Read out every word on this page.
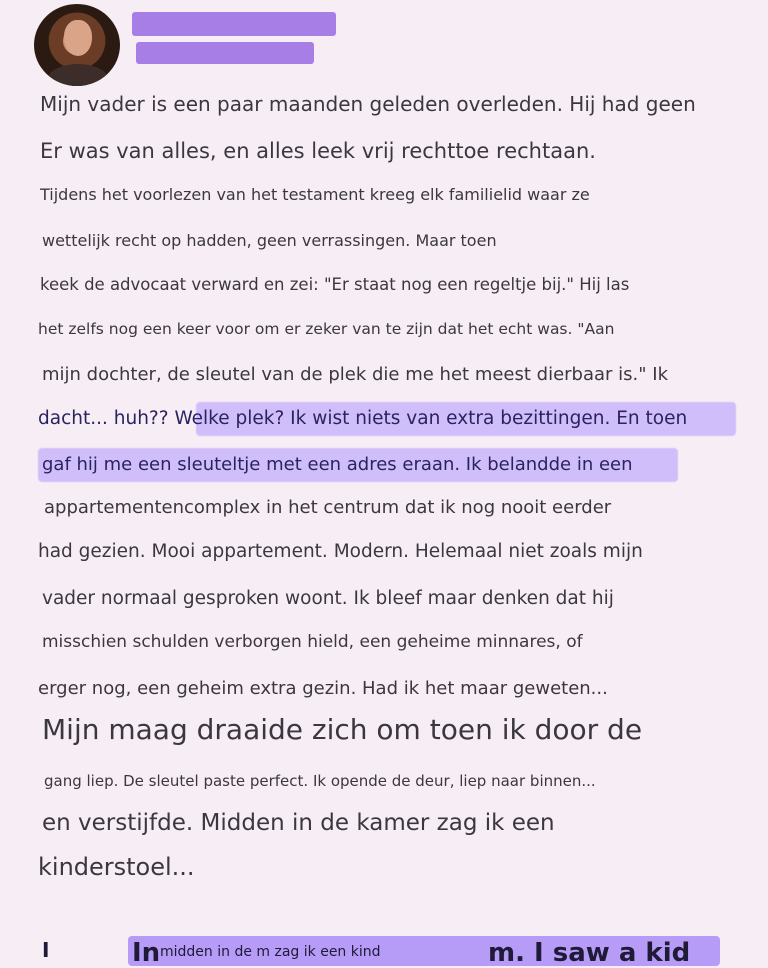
Mijn vader is een paar maanden geleden overleden. Hij had geen
Er was van alles, en alles leek vrij rechttoe rechtaan.
Tijdens het voorlezen van het testament kreeg elk familielid waar ze
wettelijk recht op hadden, geen verrassingen. Maar toen
keek de advocaat verward en zei: "Er staat nog een regeltje bij." Hij las
het zelfs nog een keer voor om er zeker van te zijn dat het echt was. "Aan
mijn dochter, de sleutel van de plek die me het meest dierbaar is." Ik
dacht... huh?? Welke plek? Ik wist niets van extra bezittingen. En toen
gaf hij me een sleuteltje met een adres eraan. Ik belandde in een
appartementencomplex in het centrum dat ik nog nooit eerder
had gezien. Mooi appartement. Modern. Helemaal niet zoals mijn
vader normaal gesproken woont. Ik bleef maar denken dat hij
misschien schulden verborgen hield, een geheime minnares, of
erger nog, een geheim extra gezin. Had ik het maar geweten...
Mijn maag draaide zich om toen ik door de
gang liep. De sleutel paste perfect. Ik opende de deur, liep naar binnen...
en verstijfde. Midden in de kamer zag ik een
kinderstoel...
I	In	m. I saw a kid
midden in de m zag ik een kind
